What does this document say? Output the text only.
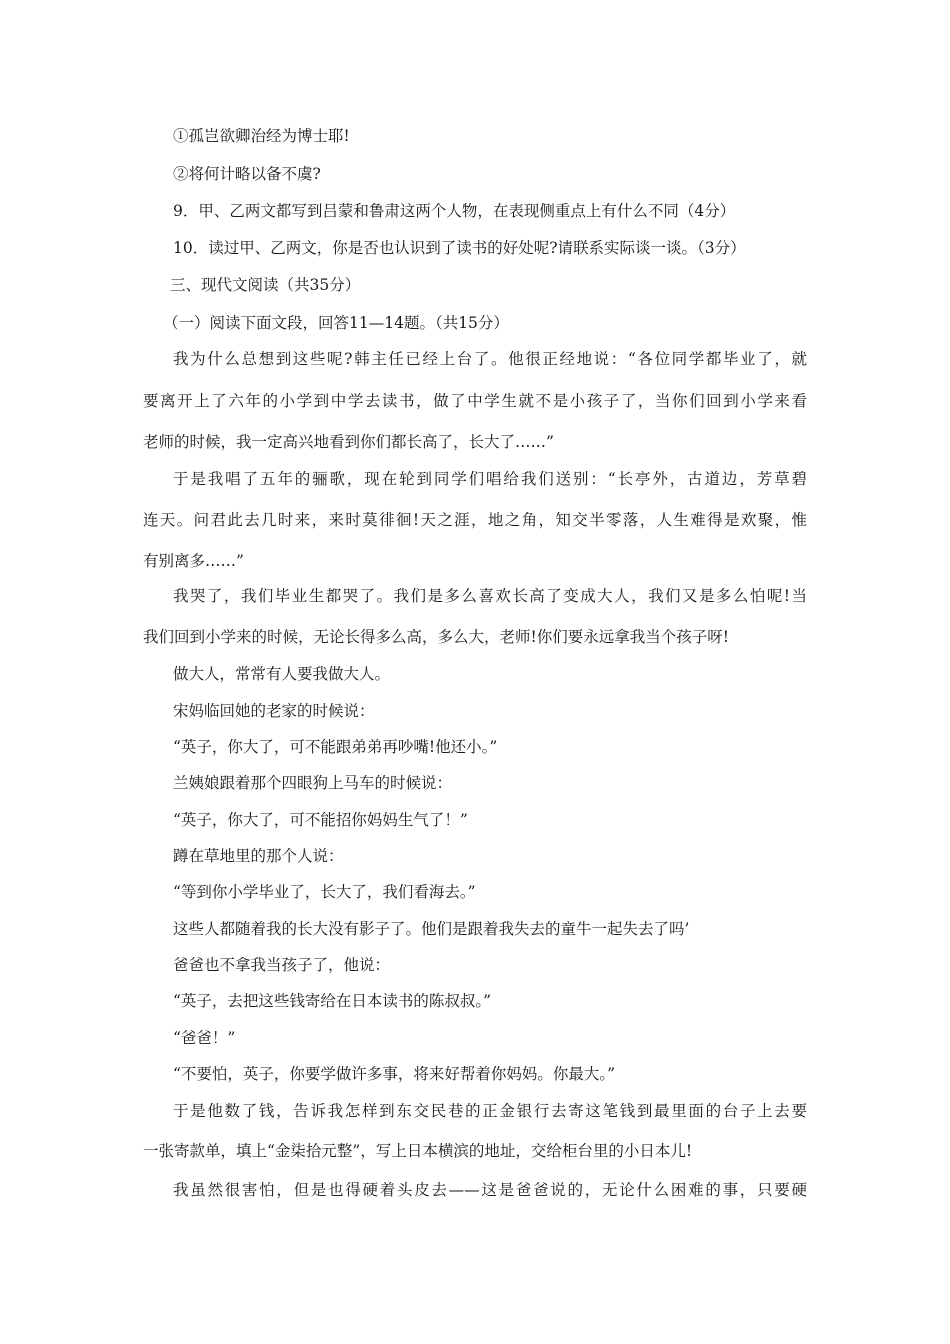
①孤岂欲卿治经为博士耶!
②将何计略以备不虞?
9．甲、乙两文都写到吕蒙和鲁肃这两个人物，在表现侧重点上有什么不同（4分）
10．读过甲、乙两文，你是否也认识到了读书的好处呢?请联系实际谈一谈。（3分）
三、现代文阅读（共35分）
（一）阅读下面文段，回答11—14题。（共15分）
我为什么总想到这些呢?韩主任已经上台了。他很正经地说：“各位同学都毕业了，就
要离开上了六年的小学到中学去读书，做了中学生就不是小孩子了，当你们回到小学来看
老师的时候，我一定高兴地看到你们都长高了，长大了……”
于是我唱了五年的骊歌，现在轮到同学们唱给我们送别：“长亭外，古道边，芳草碧
连天。问君此去几时来，来时莫徘徊!天之涯，地之角，知交半零落，人生难得是欢聚，惟
有别离多……”
我哭了，我们毕业生都哭了。我们是多么喜欢长高了变成大人，我们又是多么怕呢!当
我们回到小学来的时候，无论长得多么高，多么大，老师!你们要永远拿我当个孩子呀!
做大人，常常有人要我做大人。
宋妈临回她的老家的时候说：
“英子，你大了，可不能跟弟弟再吵嘴!他还小。”
兰姨娘跟着那个四眼狗上马车的时候说：
“英子，你大了，可不能招你妈妈生气了！”
蹲在草地里的那个人说：
“等到你小学毕业了，长大了，我们看海去。”
这些人都随着我的长大没有影子了。他们是跟着我失去的童牛一起失去了吗’
爸爸也不拿我当孩子了，他说：
“英子，去把这些钱寄给在日本读书的陈叔叔。”
“爸爸！”
“不要怕，英子，你要学做许多事，将来好帮着你妈妈。你最大。”
于是他数了钱，告诉我怎样到东交民巷的正金银行去寄这笔钱到最里面的台子上去要
一张寄款单，填上“金柒拾元整”，写上日本横滨的地址，交给柜台里的小日本儿!
我虽然很害怕，但是也得硬着头皮去——这是爸爸说的，无论什么困难的事，只要硬
